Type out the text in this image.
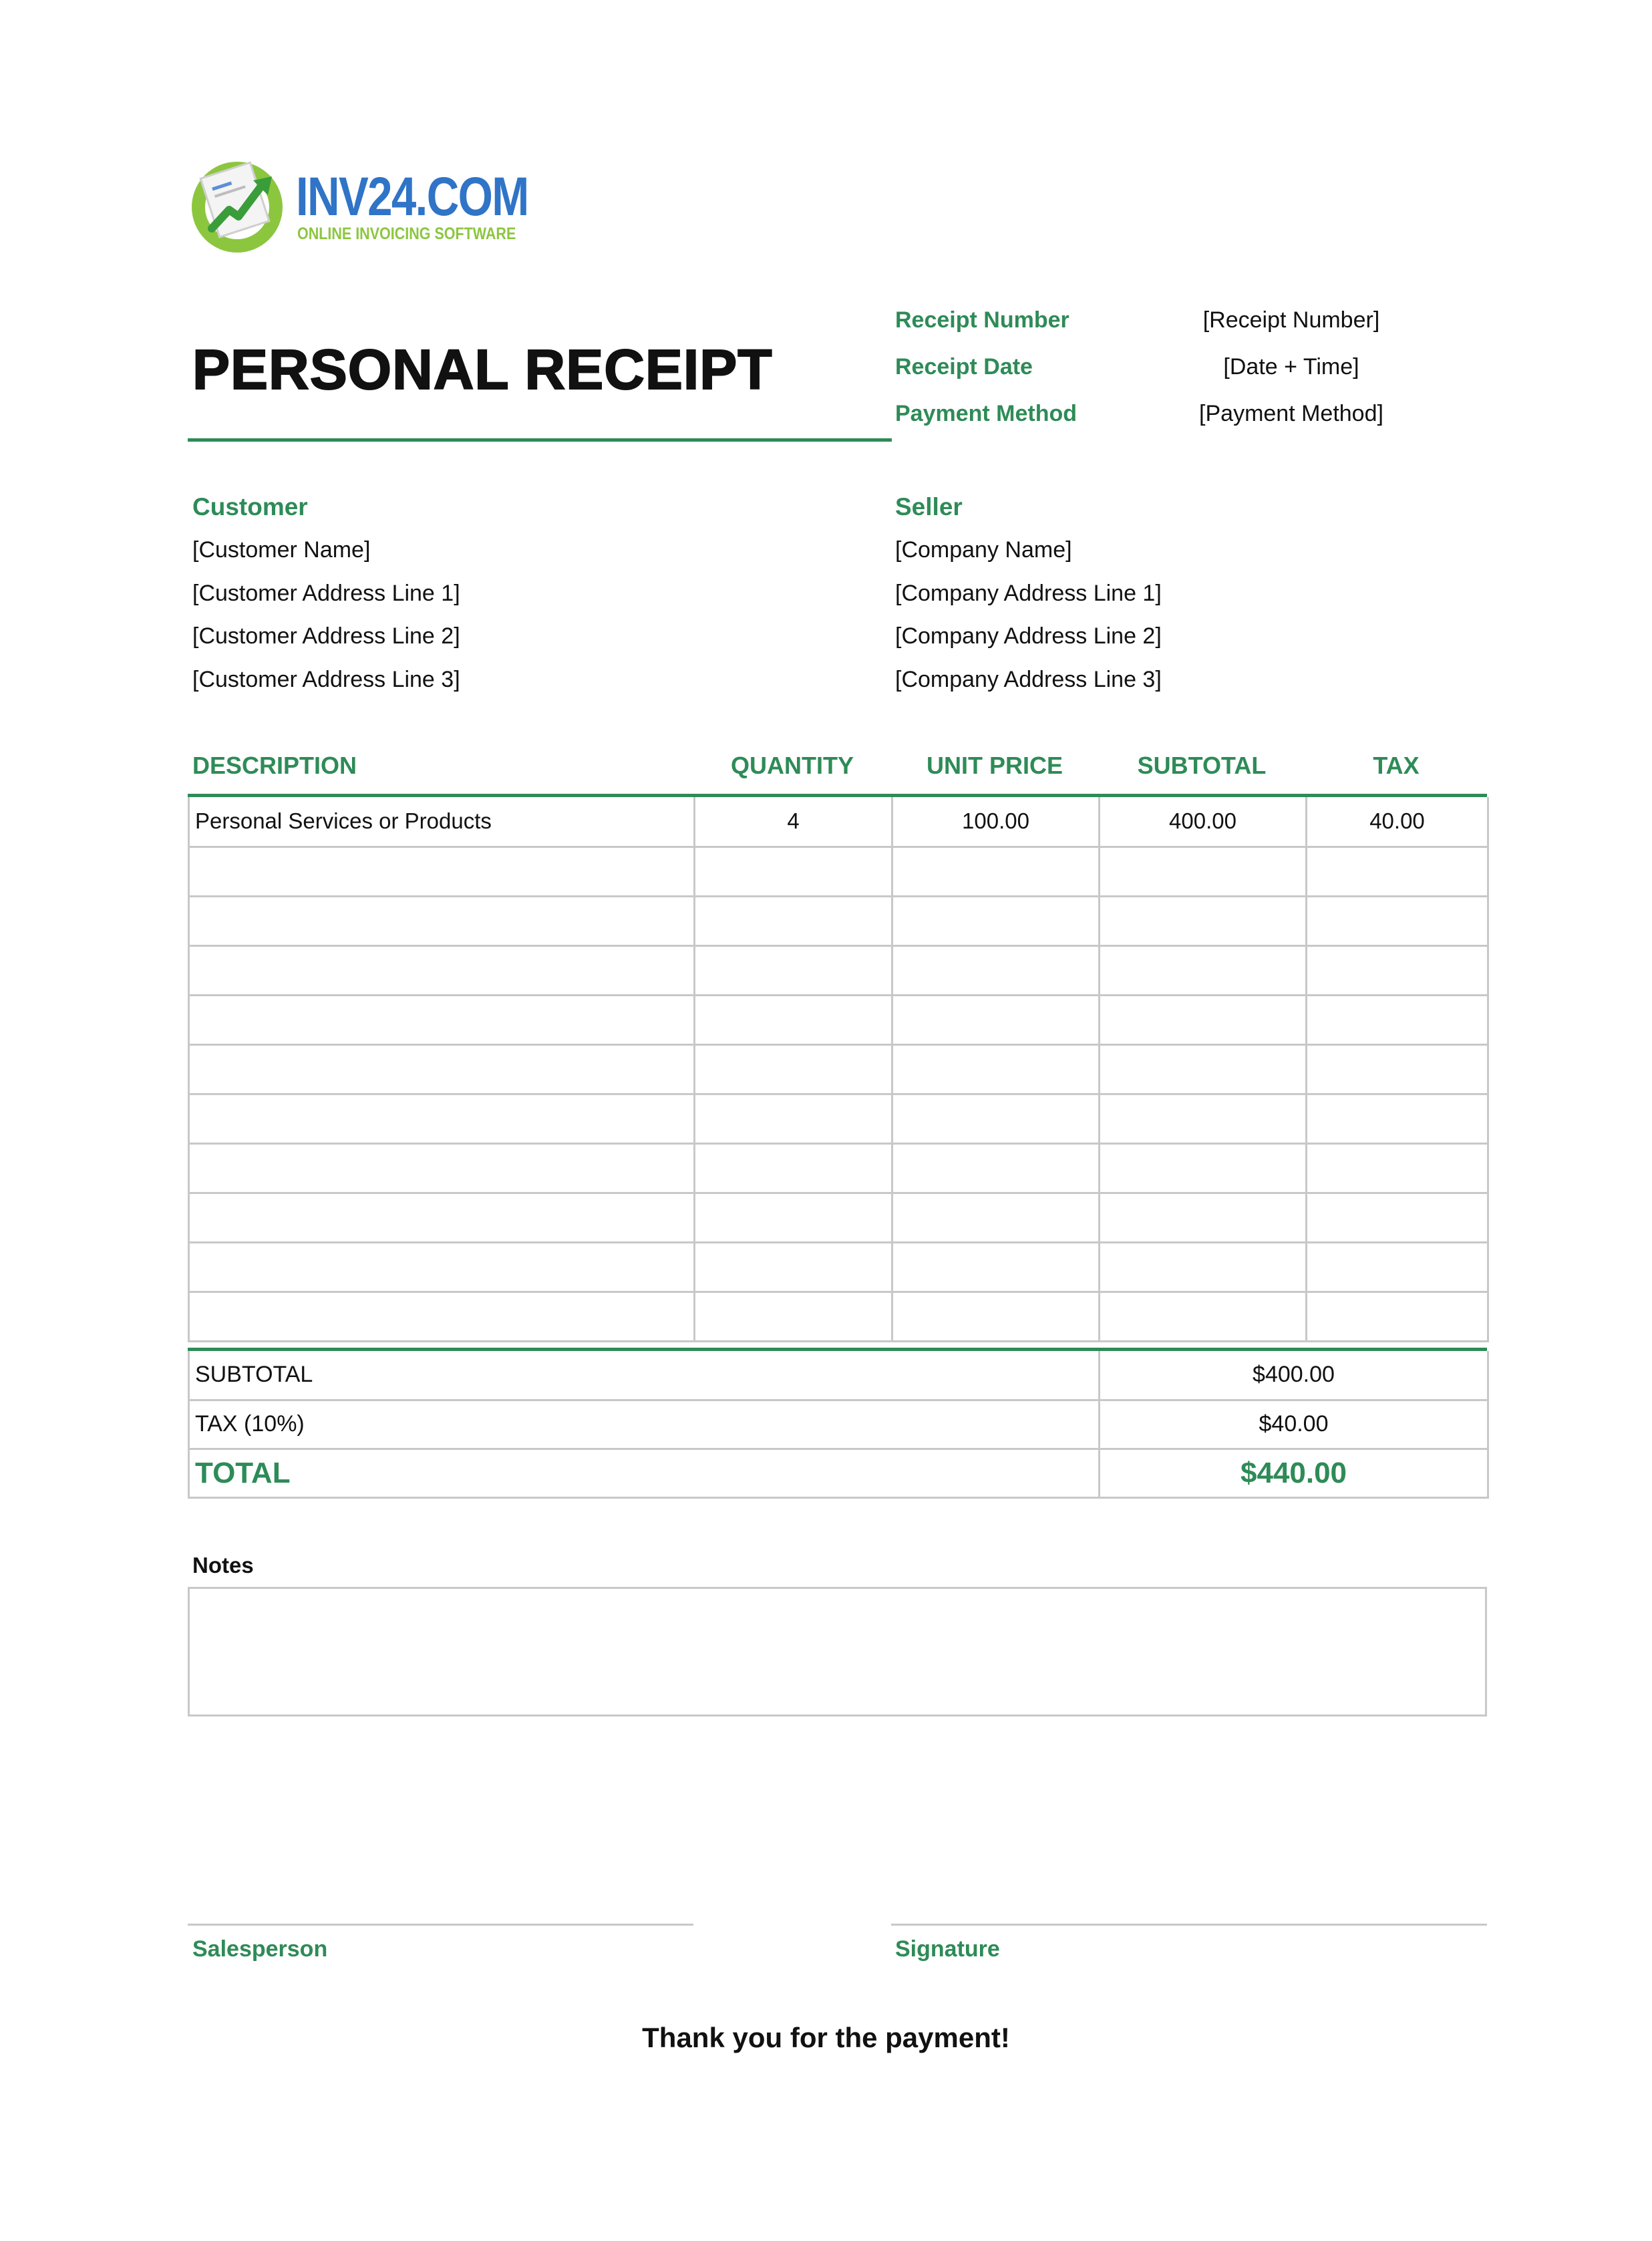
INV24.COM
ONLINE INVOICING SOFTWARE
PERSONAL RECEIPT
Receipt Number	[Receipt Number]
Receipt Date	[Date + Time]
Payment Method	[Payment Method]
Customer
[Customer Name]
[Customer Address Line 1]
[Customer Address Line 2]
[Customer Address Line 3]
Seller
[Company Name]
[Company Address Line 1]
[Company Address Line 2]
[Company Address Line 3]
DESCRIPTION	QUANTITY	UNIT PRICE	SUBTOTAL	TAX
Personal Services or Products	4	100.00	400.00	40.00

SUBTOTAL	$400.00
TAX (10%)	$40.00
TOTAL	$440.00
Notes
Salesperson	Signature
Thank you for the payment!
